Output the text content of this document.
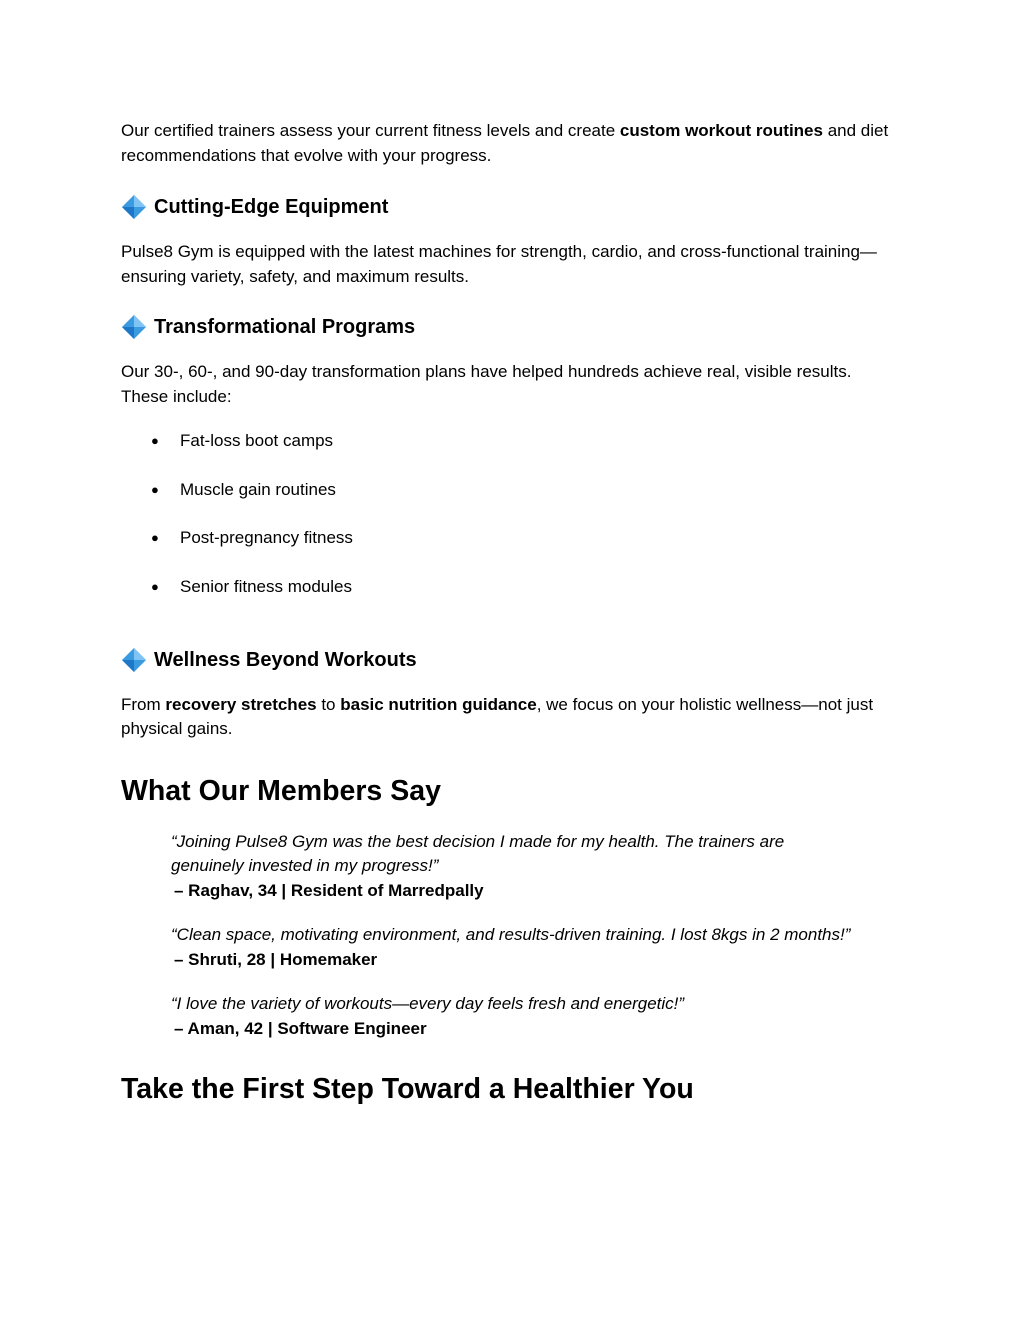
Our certified trainers assess your current fitness levels and create custom workout routines and diet recommendations that evolve with your progress.

Cutting-Edge Equipment

Pulse8 Gym is equipped with the latest machines for strength, cardio, and cross-functional training—ensuring variety, safety, and maximum results.

Transformational Programs

Our 30-, 60-, and 90-day transformation plans have helped hundreds achieve real, visible results. These include:

● Fat-loss boot camps
● Muscle gain routines
● Post-pregnancy fitness
● Senior fitness modules
Wellness Beyond Workouts

From recovery stretches to basic nutrition guidance, we focus on your holistic wellness—not just physical gains.

What Our Members Say
“Joining Pulse8 Gym was the best decision I made for my health. The trainers are genuinely invested in my progress!”
– Raghav, 34 | Resident of Marredpally
“Clean space, motivating environment, and results-driven training. I lost 8kgs in 2 months!”
– Shruti, 28 | Homemaker
“I love the variety of workouts—every day feels fresh and energetic!”
– Aman, 42 | Software Engineer
Take the First Step Toward a Healthier You
